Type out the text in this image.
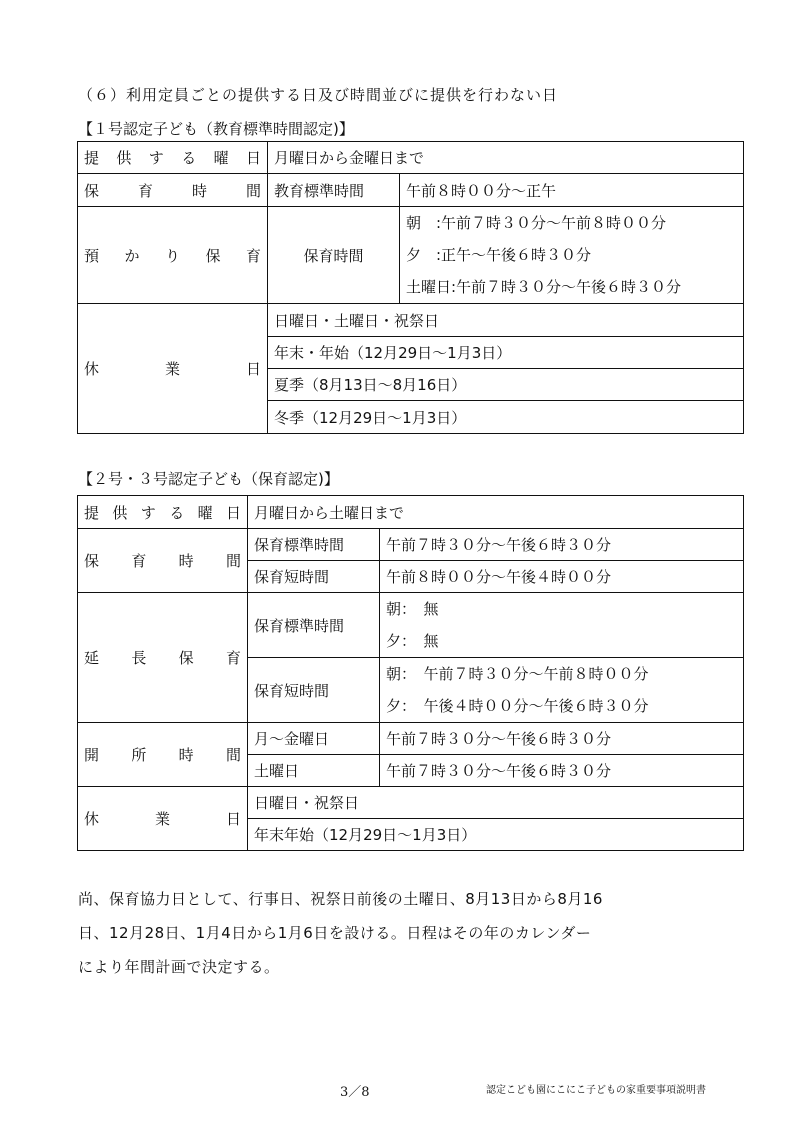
（６）利用定員ごとの提供する日及び時間並びに提供を行わない日
【１号認定子ども（教育標準時間認定)】
提供する曜日	月曜日から金曜日まで	
保育時間	教育標準時間	午前８時００分～正午
預かり保育	保育時間	朝　:午前７時３０分～午前８時００分
夕　:正午～午後６時３０分
土曜日:午前７時３０分～午後６時３０分

休業日	日曜日・土曜日・祝祭日	
	年末・年始（12月29日～1月3日）	
	夏季（8月13日～8月16日）	
	冬季（12月29日～1月3日）	
【２号・３号認定子ども（保育認定)】
提供する曜日	月曜日から土曜日まで	
保育時間	保育標準時間	午前７時３０分～午後６時３０分
	保育短時間	午前８時００分～午後４時００分
延長保育	保育標準時間	朝：　無
夕：　無

	保育短時間	朝：　午前７時３０分～午前８時００分
夕：　午後４時００分～午後６時３０分

開所時間	月～金曜日	午前７時３０分～午後６時３０分
	土曜日	午前７時３０分～午後６時３０分
休業日	日曜日・祝祭日	
	年末年始（12月29日～1月3日）	
尚、保育協力日として、行事日、祝祭日前後の土曜日、8月13日から8月16
日、12月28日、1月4日から1月6日を設ける。日程はその年のカレンダー
により年間計画で決定する。
3／8	認定こども園にこにこ子どもの家重要事項説明書
